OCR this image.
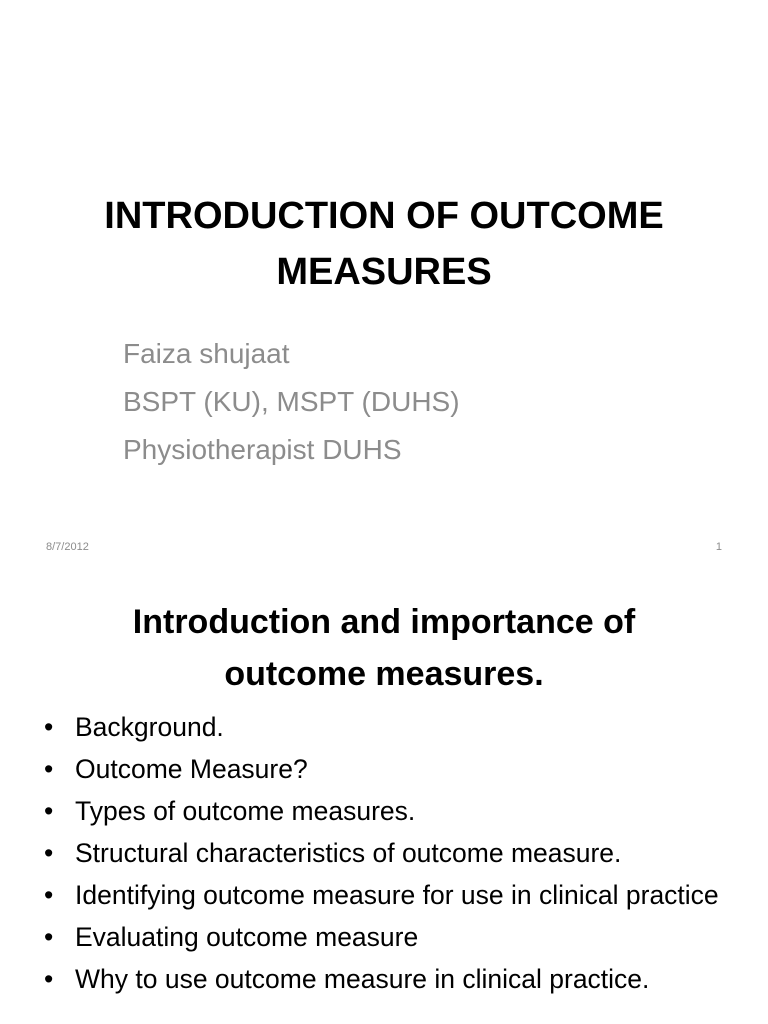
INTRODUCTION OF OUTCOME
MEASURES
Faiza shujaat
BSPT (KU), MSPT (DUHS)
Physiotherapist DUHS
8/7/2012	1
Introduction and importance of
outcome measures.
• Background.
• Outcome Measure?
• Types of outcome measures.
• Structural characteristics of outcome measure.
• Identifying outcome measure for use in clinical practice
• Evaluating outcome measure
• Why to use outcome measure in clinical practice.
